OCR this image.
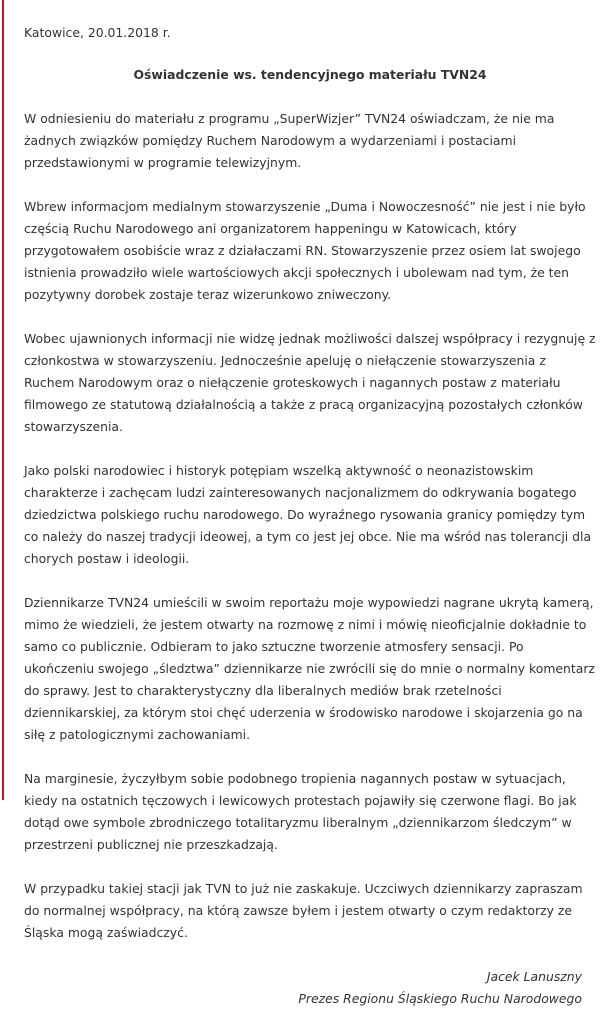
Katowice, 20.01.2018 r.
Oświadczenie ws. tendencyjnego materiału TVN24
W odniesieniu do materiału z programu „SuperWizjer” TVN24 oświadczam, że nie ma żadnych związków pomiędzy Ruchem Narodowym a wydarzeniami i postaciami przedstawionymi w programie telewizyjnym.
Wbrew informacjom medialnym stowarzyszenie „Duma i Nowoczesność” nie jest i nie było częścią Ruchu Narodowego ani organizatorem happeningu w Katowicach, który przygotowałem osobiście wraz z działaczami RN. Stowarzyszenie przez osiem lat swojego istnienia prowadziło wiele wartościowych akcji społecznych i ubolewam nad tym, że ten pozytywny dorobek zostaje teraz wizerunkowo zniweczony.
Wobec ujawnionych informacji nie widzę jednak możliwości dalszej współpracy i rezygnuję z członkostwa w stowarzyszeniu. Jednocześnie apeluję o niełączenie stowarzyszenia z Ruchem Narodowym oraz o niełączenie groteskowych i nagannych postaw z materiału filmowego ze statutową działalnością a także z pracą organizacyjną pozostałych członków stowarzyszenia.
Jako polski narodowiec i historyk potępiam wszelką aktywność o neonazistowskim charakterze i zachęcam ludzi zainteresowanych nacjonalizmem do odkrywania bogatego dziedzictwa polskiego ruchu narodowego. Do wyraźnego rysowania granicy pomiędzy tym co należy do naszej tradycji ideowej, a tym co jest jej obce. Nie ma wśród nas tolerancji dla chorych postaw i ideologii.
Dziennikarze TVN24 umieścili w swoim reportażu moje wypowiedzi nagrane ukrytą kamerą, mimo że wiedzieli, że jestem otwarty na rozmowę z nimi i mówię nieoficjalnie dokładnie to samo co publicznie. Odbieram to jako sztuczne tworzenie atmosfery sensacji. Po ukończeniu swojego „śledztwa” dziennikarze nie zwrócili się do mnie o normalny komentarz do sprawy. Jest to charakterystyczny dla liberalnych mediów brak rzetelności dziennikarskiej, za którym stoi chęć uderzenia w środowisko narodowe i skojarzenia go na siłę z patologicznymi zachowaniami.
Na marginesie, życzyłbym sobie podobnego tropienia nagannych postaw w sytuacjach, kiedy na ostatnich tęczowych i lewicowych protestach pojawiły się czerwone flagi. Bo jak dotąd owe symbole zbrodniczego totalitaryzmu liberalnym „dziennikarzom śledczym” w przestrzeni publicznej nie przeszkadzają.
W przypadku takiej stacji jak TVN to już nie zaskakuje. Uczciwych dziennikarzy zapraszam do normalnej współpracy, na którą zawsze byłem i jestem otwarty o czym redaktorzy ze Śląska mogą zaświadczyć.
Jacek Lanuszny
Prezes Regionu Śląskiego Ruchu Narodowego
